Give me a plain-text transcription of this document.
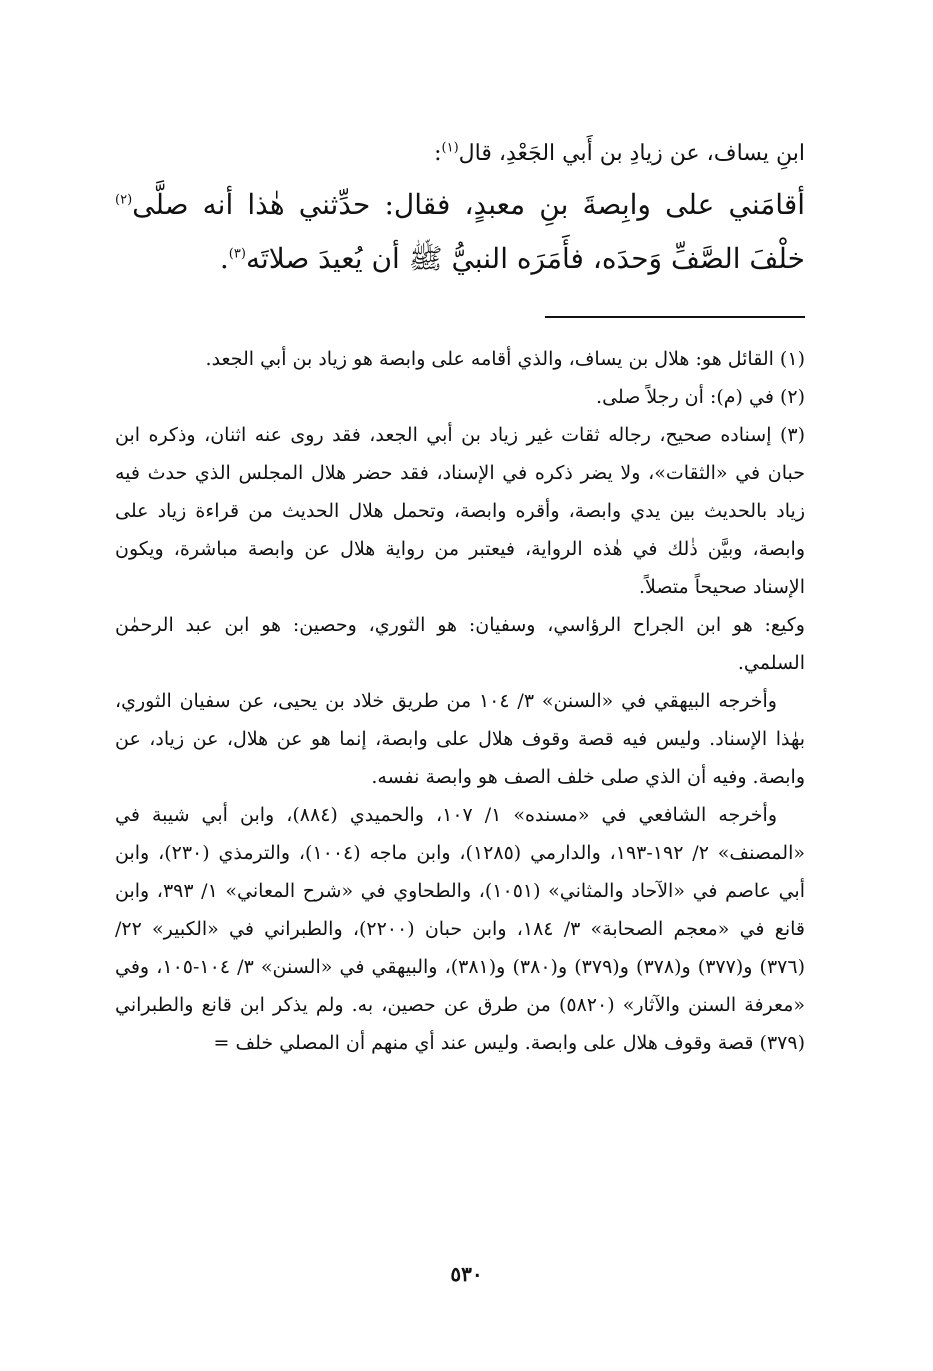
ابنِ يساف، عن زيادِ بن أَبي الجَعْدِ، قال$^{(١)}$:

أقامَني على وابِصةَ بنِ معبدٍ، فقال: حدِّثني هٰذا أنه صلَّى$^{(٢)}$ خلْفَ الصَّفِّ وَحدَه، فأَمَرَه النبيُّ ﷺ أن يُعيدَ صلاتَه$^{(٣)}$.

(١) القائل هو: هلال بن يساف، والذي أقامه على وابصة هو زياد بن أبي الجعد.

(٢) في (م): أن رجلاً صلى.

(٣) إسناده صحيح، رجاله ثقات غير زياد بن أبي الجعد، فقد روى عنه اثنان، وذكره ابن حبان في «الثقات»، ولا يضر ذكره في الإسناد، فقد حضر هلال المجلس الذي حدث فيه زياد بالحديث بين يدي وابصة، وأقره وابصة، وتحمل هلال الحديث من قراءة زياد على وابصة، وبيَّن ذٰلك في هٰذه الرواية، فيعتبر من رواية هلال عن وابصة مباشرة، ويكون الإسناد صحيحاً متصلاً.

وكيع: هو ابن الجراح الرؤاسي، وسفيان: هو الثوري، وحصين: هو ابن عبد الرحمٰن السلمي.

وأخرجه البيهقي في «السنن» ٣/ ١٠٤ من طريق خلاد بن يحيى، عن سفيان الثوري، بهٰذا الإسناد. وليس فيه قصة وقوف هلال على وابصة، إنما هو عن هلال، عن زياد، عن وابصة. وفيه أن الذي صلى خلف الصف هو وابصة نفسه.

وأخرجه الشافعي في «مسنده» ١/ ١٠٧، والحميدي (٨٨٤)، وابن أبي شيبة في «المصنف» ٢/ ١٩٢-١٩٣، والدارمي (١٢٨٥)، وابن ماجه (١٠٠٤)، والترمذي (٢٣٠)، وابن أبي عاصم في «الآحاد والمثاني» (١٠٥١)، والطحاوي في «شرح المعاني» ١/ ٣٩٣، وابن قانع في «معجم الصحابة» ٣/ ١٨٤، وابن حبان (٢٢٠٠)، والطبراني في «الكبير» ٢٢/ (٣٧٦) و(٣٧٧) و(٣٧٨) و(٣٧٩) و(٣٨٠) و(٣٨١)، والبيهقي في «السنن» ٣/ ١٠٤-١٠٥، وفي «معرفة السنن والآثار» (٥٨٢٠) من طرق عن حصين، به. ولم يذكر ابن قانع والطبراني (٣٧٩) قصة وقوف هلال على وابصة. وليس عند أي منهم أن المصلي خلف =

٥٣٠
